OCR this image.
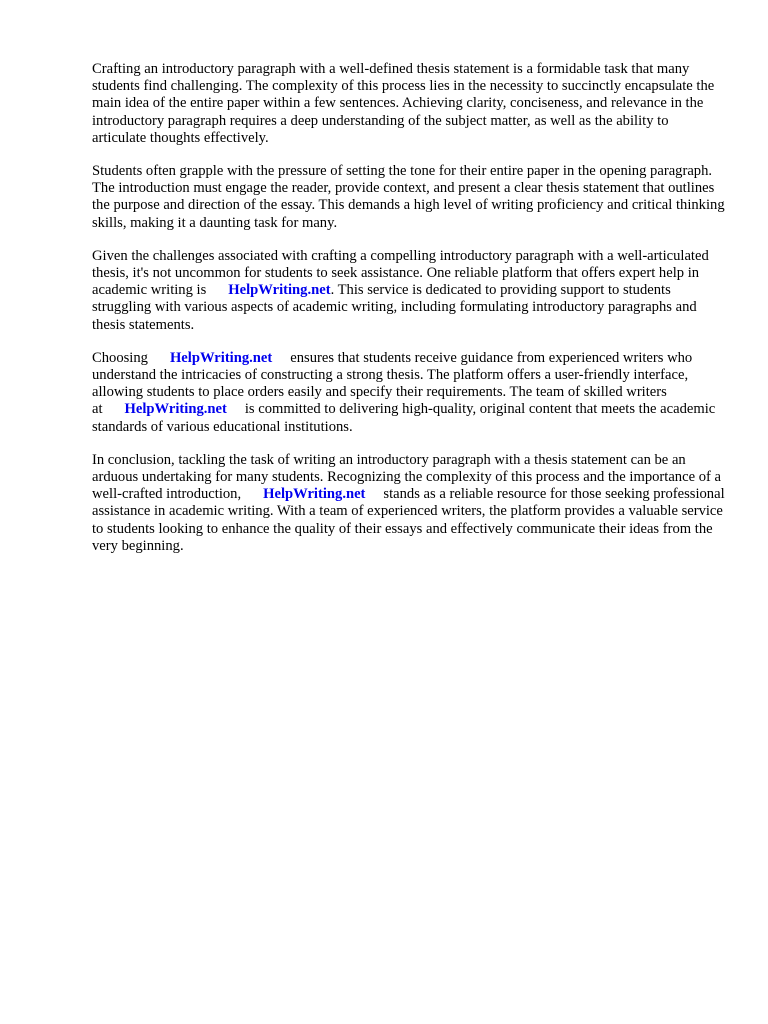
Crafting an introductory paragraph with a well-defined thesis statement is a formidable task that many students find challenging. The complexity of this process lies in the necessity to succinctly encapsulate the main idea of the entire paper within a few sentences. Achieving clarity, conciseness, and relevance in the introductory paragraph requires a deep understanding of the subject matter, as well as the ability to articulate thoughts effectively.

Students often grapple with the pressure of setting the tone for their entire paper in the opening paragraph. The introduction must engage the reader, provide context, and present a clear thesis statement that outlines the purpose and direction of the essay. This demands a high level of writing proficiency and critical thinking skills, making it a daunting task for many.

Given the challenges associated with crafting a compelling introductory paragraph with a well-articulated thesis, it's not uncommon for students to seek assistance. One reliable platform that offers expert help in academic writing is HelpWriting.net. This service is dedicated to providing support to students struggling with various aspects of academic writing, including formulating introductory paragraphs and thesis statements.

Choosing HelpWriting.net ensures that students receive guidance from experienced writers who understand the intricacies of constructing a strong thesis. The platform offers a user-friendly interface, allowing students to place orders easily and specify their requirements. The team of skilled writers at HelpWriting.net is committed to delivering high-quality, original content that meets the academic standards of various educational institutions.

In conclusion, tackling the task of writing an introductory paragraph with a thesis statement can be an arduous undertaking for many students. Recognizing the complexity of this process and the importance of a well-crafted introduction, HelpWriting.net stands as a reliable resource for those seeking professional assistance in academic writing. With a team of experienced writers, the platform provides a valuable service to students looking to enhance the quality of their essays and effectively communicate their ideas from the very beginning.
